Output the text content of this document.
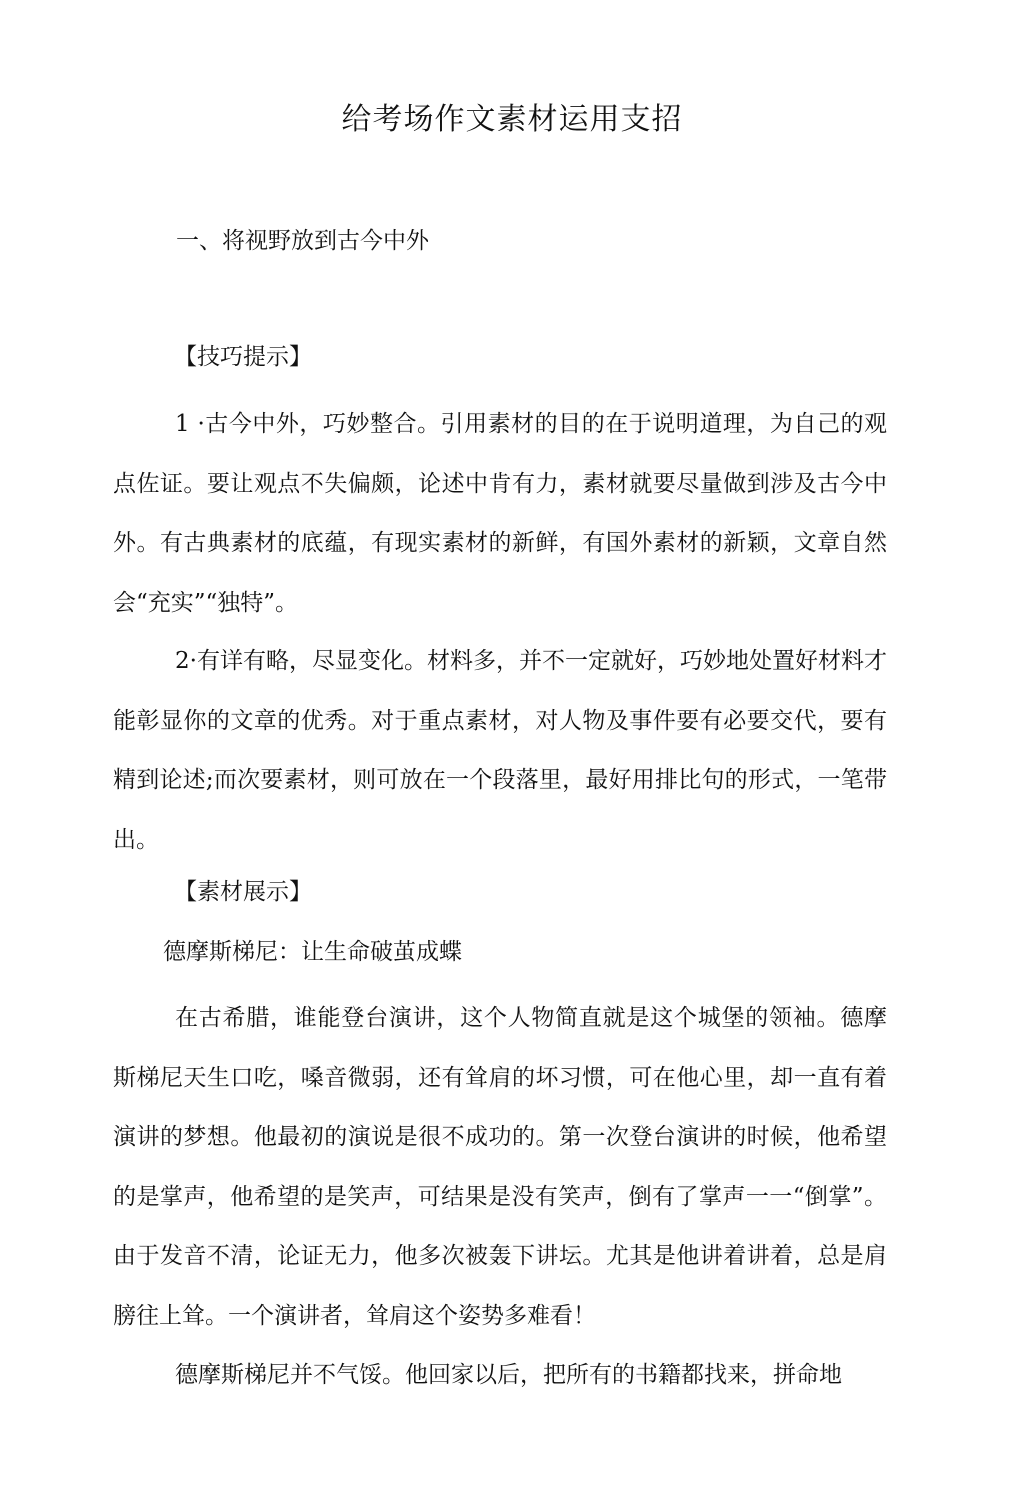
给考场作文素材运用支招
一、将视野放到古今中外
【技巧提示】

1 ·古今中外，巧妙整合。引用素材的目的在于说明道理，为自己的观点佐证。要让观点不失偏颇，论述中肯有力，素材就要尽量做到涉及古今中外。有古典素材的底蕴，有现实素材的新鲜，有国外素材的新颖，文章自然会“充实”“独特”。

2·有详有略，尽显变化。材料多，并不一定就好，巧妙地处置好材料才能彰显你的文章的优秀。对于重点素材，对人物及事件要有必要交代，要有精到论述;而次要素材，则可放在一个段落里，最好用排比句的形式，一笔带出。

【素材展示】
德摩斯梯尼：让生命破茧成蝶

在古希腊，谁能登台演讲，这个人物简直就是这个城堡的领袖。德摩斯梯尼天生口吃，嗓音微弱，还有耸肩的坏习惯，可在他心里，却一直有着演讲的梦想。他最初的演说是很不成功的。第一次登台演讲的时候，他希望的是掌声，他希望的是笑声，可结果是没有笑声，倒有了掌声一一“倒掌”。由于发音不清，论证无力，他多次被轰下讲坛。尤其是他讲着讲着，总是肩膀往上耸。一个演讲者，耸肩这个姿势多难看！

德摩斯梯尼并不气馁。他回家以后，把所有的书籍都找来，拼命地
